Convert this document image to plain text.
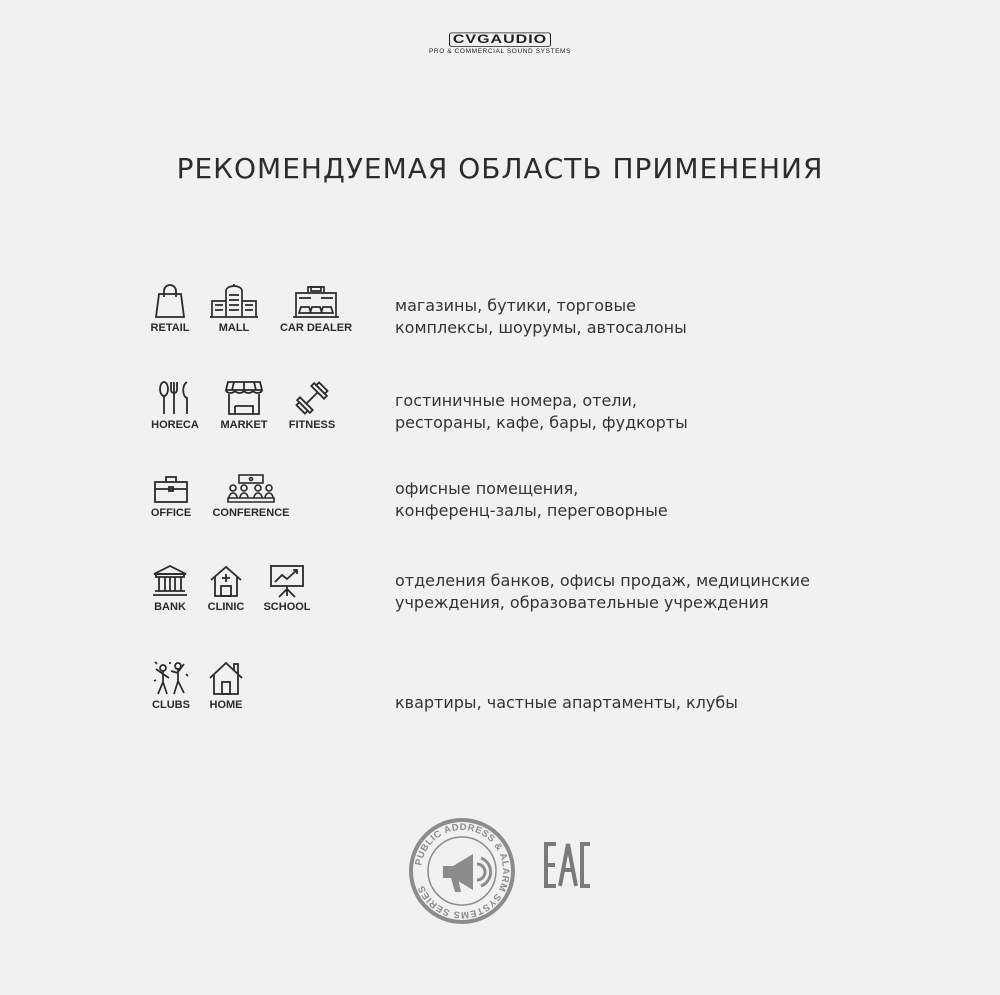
CVGAUDIO
PRO & COMMERCIAL SOUND SYSTEMS
РЕКОМЕНДУЕМАЯ ОБЛАСТЬ ПРИМЕНЕНИЯ
RETAIL	MALL	CAR DEALER
магазины, бутики, торговые
комплексы, шоурумы, автосалоны
HORECA	MARKET	FITNESS
гостиничные номера, отели,
рестораны, кафе, бары, фудкорты
OFFICE	CONFERENCE
офисные помещения,
конференц-залы, переговорные
BANK	CLINIC	SCHOOL
отделения банков, офисы продаж, медицинские
учреждения, образовательные учреждения
CLUBS	HOME	квартиры, частные апартаменты, клубы
PUBLIC ADDRESS & ALARM SYSTEMS SERIES
